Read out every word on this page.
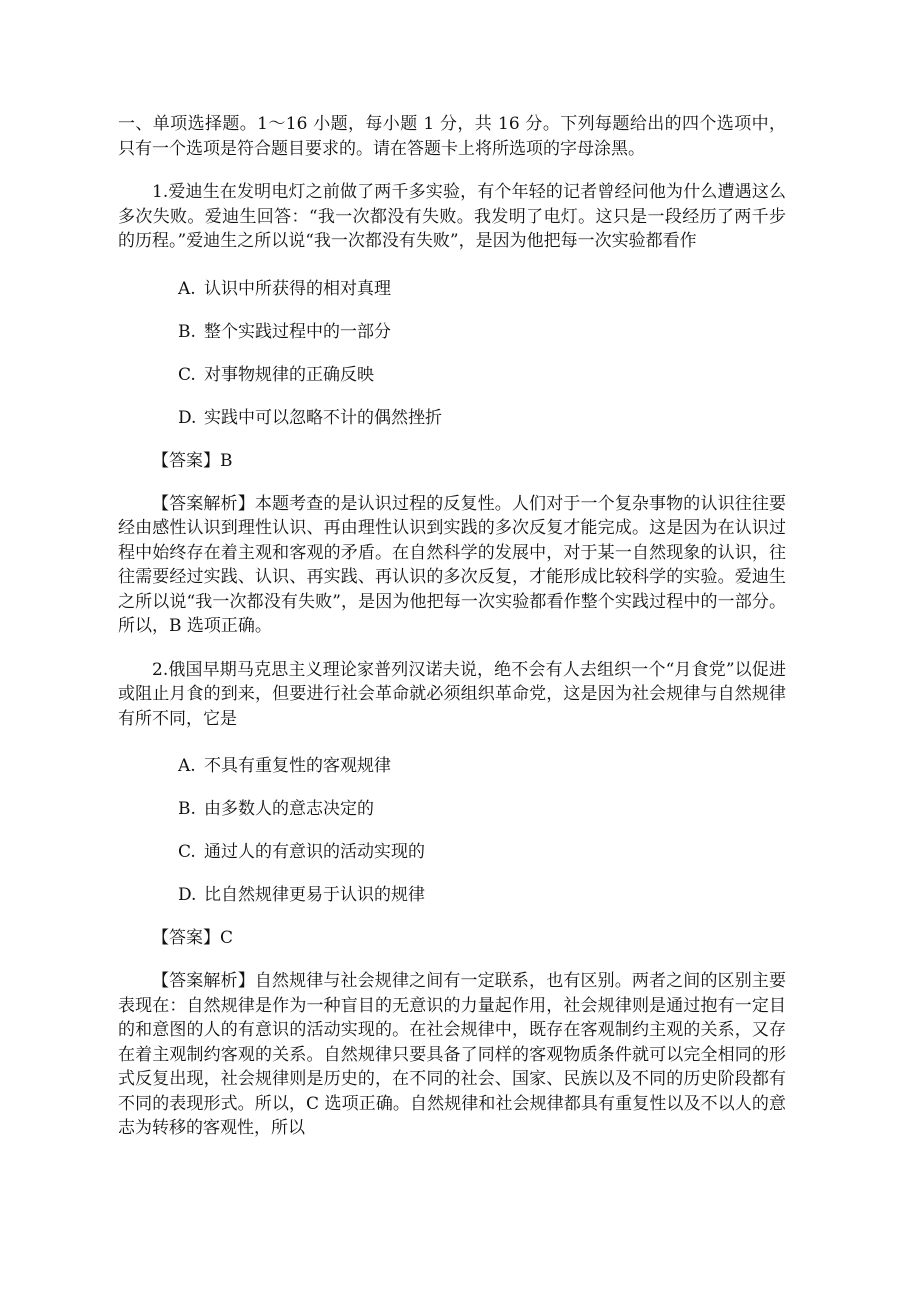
一、单项选择题。1～16 小题，每小题 1 分，共 16 分。下列每题给出的四个选项中，只有一个选项是符合题目要求的。请在答题卡上将所选项的字母涂黑。
1.爱迪生在发明电灯之前做了两千多实验，有个年轻的记者曾经问他为什么遭遇这么多次失败。爱迪生回答：“我一次都没有失败。我发明了电灯。这只是一段经历了两千步的历程。”爱迪生之所以说“我一次都没有失败”，是因为他把每一次实验都看作
A. 认识中所获得的相对真理
B. 整个实践过程中的一部分
C. 对事物规律的正确反映
D. 实践中可以忽略不计的偶然挫折
【答案】B
【答案解析】本题考查的是认识过程的反复性。人们对于一个复杂事物的认识往往要经由感性认识到理性认识、再由理性认识到实践的多次反复才能完成。这是因为在认识过程中始终存在着主观和客观的矛盾。在自然科学的发展中，对于某一自然现象的认识，往往需要经过实践、认识、再实践、再认识的多次反复，才能形成比较科学的实验。爱迪生之所以说“我一次都没有失败”，是因为他把每一次实验都看作整个实践过程中的一部分。所以，B 选项正确。
2.俄国早期马克思主义理论家普列汉诺夫说，绝不会有人去组织一个“月食党”以促进或阻止月食的到来，但要进行社会革命就必须组织革命党，这是因为社会规律与自然规律有所不同，它是
A. 不具有重复性的客观规律
B. 由多数人的意志决定的
C. 通过人的有意识的活动实现的
D. 比自然规律更易于认识的规律
【答案】C
【答案解析】自然规律与社会规律之间有一定联系，也有区别。两者之间的区别主要表现在：自然规律是作为一种盲目的无意识的力量起作用，社会规律则是通过抱有一定目的和意图的人的有意识的活动实现的。在社会规律中，既存在客观制约主观的关系，又存在着主观制约客观的关系。自然规律只要具备了同样的客观物质条件就可以完全相同的形式反复出现，社会规律则是历史的，在不同的社会、国家、民族以及不同的历史阶段都有不同的表现形式。所以，C 选项正确。自然规律和社会规律都具有重复性以及不以人的意志为转移的客观性，所以
